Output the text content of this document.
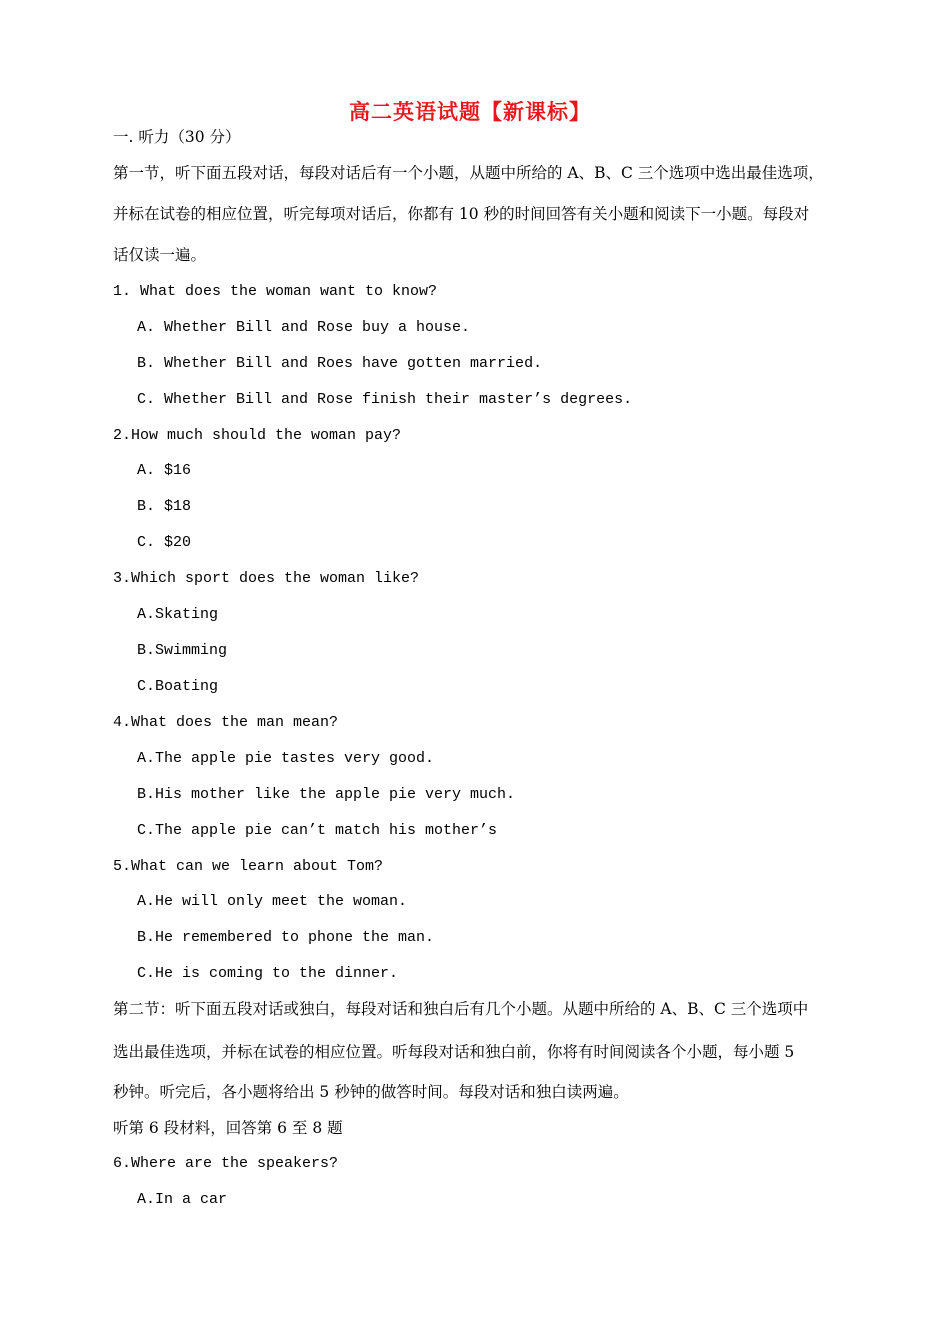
高二英语试题【新课标】
一. 听力（30 分）
第一节，听下面五段对话，每段对话后有一个小题，从题中所给的 A、B、C 三个选项中选出最佳选项，
并标在试卷的相应位置，听完每项对话后，你都有 10 秒的时间回答有关小题和阅读下一小题。每段对
话仅读一遍。
1. What does the woman want to know?
A. Whether Bill and Rose buy a house.
B. Whether Bill and Roes have gotten married.
C. Whether Bill and Rose finish their master’s degrees.
2.How much should the woman pay?
A. $16
B. $18
C. $20
3.Which sport does the woman like?
A.Skating
B.Swimming
C.Boating
4.What does the man mean?
A.The apple pie tastes very good.
B.His mother like the apple pie very much.
C.The apple pie can’t match his mother’s
5.What can we learn about Tom?
A.He will only meet the woman.
B.He remembered to phone the man.
C.He is coming to the dinner.
第二节：听下面五段对话或独白，每段对话和独白后有几个小题。从题中所给的 A、B、C 三个选项中
选出最佳选项，并标在试卷的相应位置。听每段对话和独白前，你将有时间阅读各个小题，每小题 5
秒钟。听完后，各小题将给出 5 秒钟的做答时间。每段对话和独白读两遍。
听第 6 段材料，回答第 6 至 8 题
6.Where are the speakers?
A.In a car
